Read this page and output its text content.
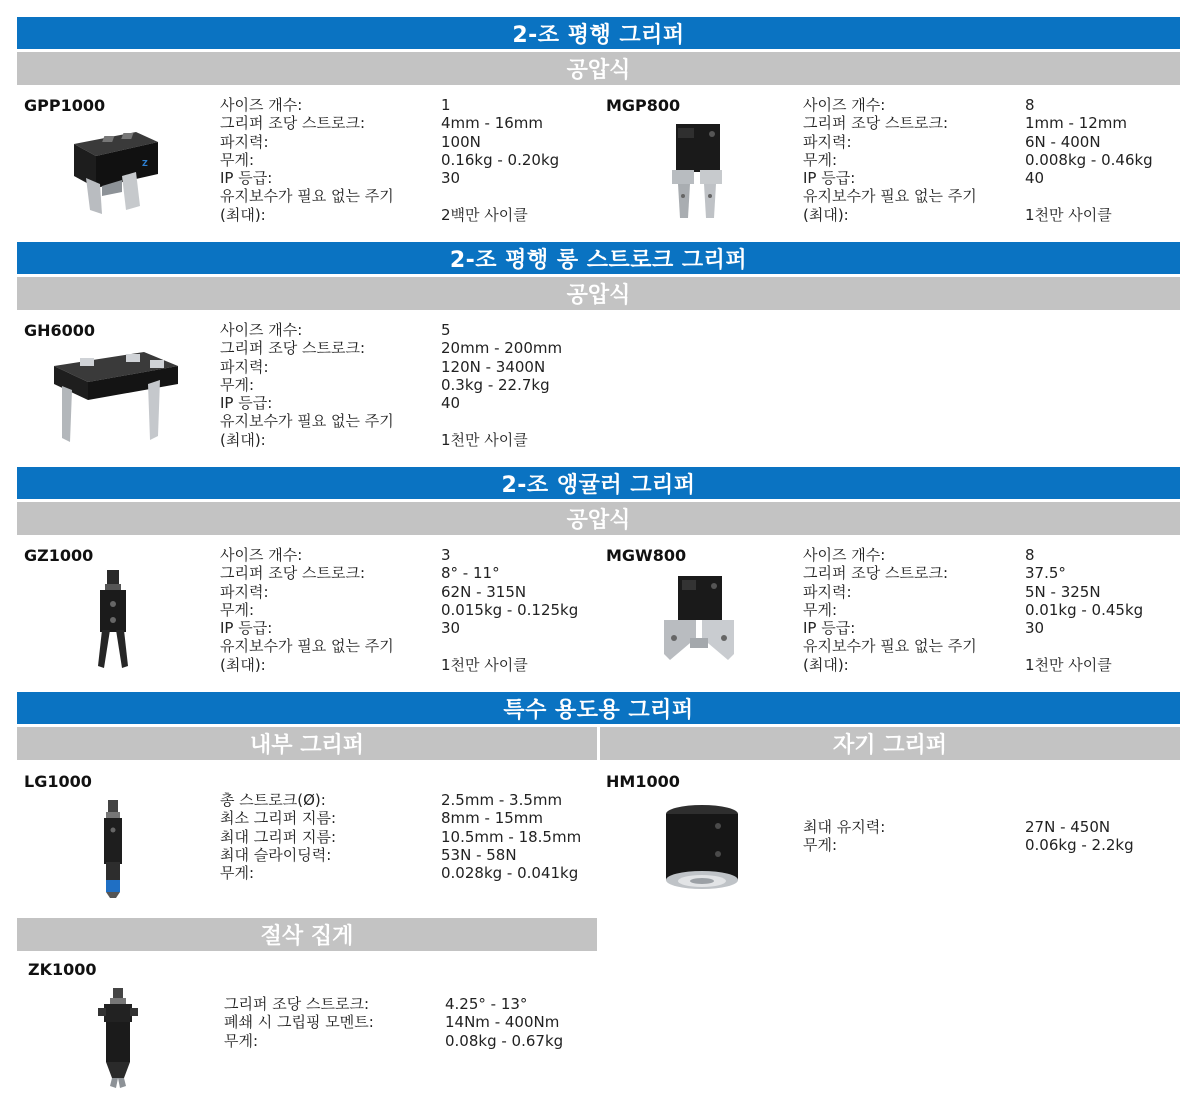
2-조 평행 그리퍼
공압식
GPP1000
Z
사이즈 개수:	1
그리퍼 조당 스트로크:	4mm - 16mm
파지력:	100N
무게:	0.16kg - 0.20kg
IP 등급:	30
유지보수가 필요 없는 주기
(최대):	2백만 사이클
MGP800	사이즈 개수:	8
그리퍼 조당 스트로크:	1mm - 12mm
파지력:	6N - 400N
무게:	0.008kg - 0.46kg
IP 등급:	40
유지보수가 필요 없는 주기
(최대):	1천만 사이클
2-조 평행 롱 스트로크 그리퍼
공압식
GH6000	사이즈 개수:	5
그리퍼 조당 스트로크:	20mm - 200mm
파지력:	120N - 3400N
무게:	0.3kg - 22.7kg
IP 등급:	40
유지보수가 필요 없는 주기
(최대):	1천만 사이클
2-조 앵귤러 그리퍼
공압식
GZ1000	사이즈 개수:	3
그리퍼 조당 스트로크:	8° - 11°
파지력:	62N - 315N
무게:	0.015kg - 0.125kg
IP 등급:	30
유지보수가 필요 없는 주기
(최대):	1천만 사이클
MGW800	사이즈 개수:	8
그리퍼 조당 스트로크:	37.5°
파지력:	5N - 325N
무게:	0.01kg - 0.45kg
IP 등급:	30
유지보수가 필요 없는 주기
(최대):	1천만 사이클
특수 용도용 그리퍼
내부 그리퍼	자기 그리퍼
LG1000
총 스트로크(Ø):	2.5mm - 3.5mm
최소 그리퍼 지름:	8mm - 15mm
최대 그리퍼 지름:	10.5mm - 18.5mm
최대 슬라이딩력:	53N - 58N
무게:	0.028kg - 0.041kg
HM1000
최대 유지력:	27N - 450N
무게:	0.06kg - 2.2kg
절삭 집게
ZK1000
그리퍼 조당 스트로크:	4.25° - 13°
폐쇄 시 그립핑 모멘트:	14Nm - 400Nm
무게:	0.08kg - 0.67kg
